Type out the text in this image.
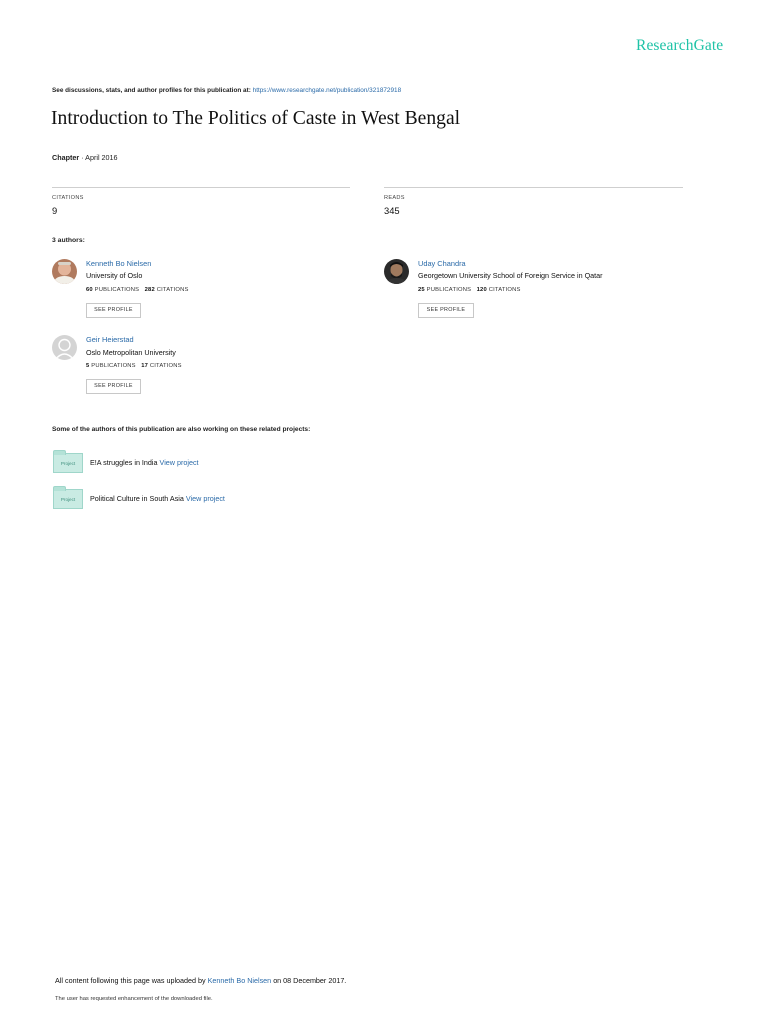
ResearchGate
See discussions, stats, and author profiles for this publication at: https://www.researchgate.net/publication/321872918
Introduction to The Politics of Caste in West Bengal
Chapter · April 2016
CITATIONS
9
READS
345
3 authors:
Kenneth Bo Nielsen
University of Oslo
60 PUBLICATIONS 282 CITATIONS
SEE PROFILE
Uday Chandra
Georgetown University School of Foreign Service in Qatar
25 PUBLICATIONS 120 CITATIONS
SEE PROFILE
Geir Heierstad
Oslo Metropolitan University
5 PUBLICATIONS 17 CITATIONS
SEE PROFILE
Some of the authors of this publication are also working on these related projects:
Project	E!A struggles in India View project
Project	Political Culture in South Asia View project
All content following this page was uploaded by Kenneth Bo Nielsen on 08 December 2017.
The user has requested enhancement of the downloaded file.
